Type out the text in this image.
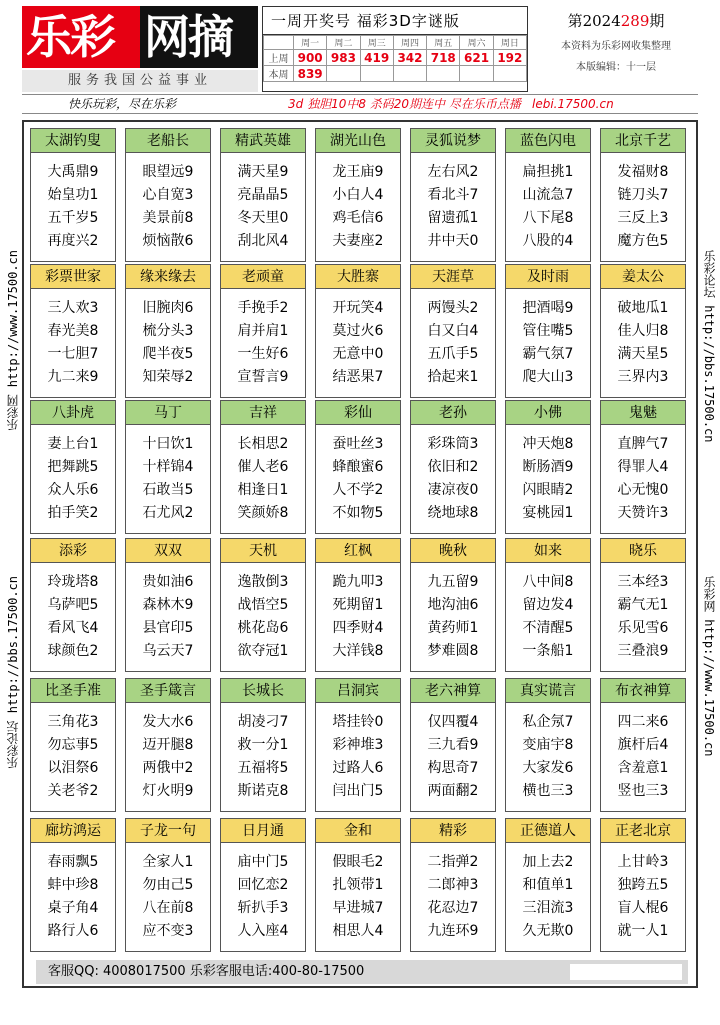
乐彩 网摘
服务我国公益事业
一周开奖号 福彩3D字谜版
	周一	周二	周三	周四	周五	周六	周日
上周	900	983	419	342	718	621	192
本周	839						
第2024289期
本资料为乐彩网收集整理
本版编辑：十一层
快乐玩彩，尽在乐彩	3d 独胆10中8 杀码20期连中 尽在乐币点播 lebi.17500.cn
乐彩网 http://www.17500.cn
乐彩论坛 http://bbs.17500.cn
乐彩论坛 http://bbs.17500.cn
乐彩网 http://www.17500.cn
太湖钓叟
大禹鼎9
始皇功1
五千岁5
再度兴2
老船长
眼望远9
心自宽3
美景前8
烦恼散6
精武英雄
满天星9
亮晶晶5
冬天里0
刮北风4
湖光山色
龙王庙9
小白人4
鸡毛信6
夫妻座2
灵狐说梦
左右风2
看北斗7
留遗孤1
井中天0
蓝色闪电
扁担挑1
山流急7
八下尾8
八股的4
北京千艺
发福财8
链刀头7
三反上3
魔方色5
彩票世家
三人欢3
春光美8
一七胆7
九二来9
缘来缘去
旧腕肉6
梳分头3
爬半夜5
知荣辱2
老顽童
手挽手2
肩并肩1
一生好6
宣誓言9
大胜寨
开玩笑4
莫过火6
无意中0
结恶果7
天涯草
两馒头2
白又白4
五爪手5
拾起来1
及时雨
把酒喝9
管住嘴5
霸气氛7
爬大山3
姜太公
破地瓜1
佳人归8
满天星5
三界内3
八卦虎
妻上台1
把舞跳5
众人乐6
拍手笑2
马丁
十曰饮1
十样锦4
石敢当5
石尤风2
吉祥
长相思2
催人老6
相逢日1
笑颜娇8
彩仙
蚕吐丝3
蜂酿蜜6
人不学2
不如物5
老孙
彩珠筒3
依旧和2
凄凉夜0
绕地球8
小佛
冲天炮8
断肠酒9
闪眼睛2
宴桃园1
鬼魅
直脾气7
得罪人4
心无愧0
天赞许3
添彩
玲珑塔8
乌萨吧5
看风飞4
球颜色2
双双
贵如油6
森林木9
县官印5
乌云天7
天机
逸散倒3
战悟空5
桃花岛6
欲夺冠1
红枫
跪九叩3
死期留1
四季财4
大洋钱8
晚秋
九五留9
地沟油6
黄药师1
梦难圆8
如来
八中间8
留边发4
不清醒5
一条船1
晓乐
三本经3
霸气无1
乐见雪6
三叠浪9
比圣手准
三角花3
勿忘事5
以泪祭6
关老爷2
圣手箴言
发大水6
迈开腿8
两俄中2
灯火明9
长城长
胡凌刁7
救一分1
五福将5
斯诺克8
吕洞宾
塔挂铃0
彩神堆3
过路人6
闫出门5
老六神算
仅四覆4
三九看9
构思奇7
两面翻2
真实谎言
私企氖7
变庙宇8
大家发6
横也三3
布衣神算
四二来6
旗杆后4
含羞意1
竖也三3
廊坊鸿运
春雨飘5
蚌中珍8
桌子角4
路行人6
子龙一句
全家人1
勿由己5
八在前8
应不变3
日月通
庙中门5
回忆恋2
斩扒手3
人入座4
金和
假眼毛2
扎领带1
早进城7
相思人4
精彩
二指弹2
二郎神3
花忍边7
九连环9
正德道人
加上去2
和值单1
三泪流3
久无欺0
正老北京
上甘岭3
独跨五5
盲人棍6
就一人1
客服QQ: 4008017500 乐彩客服电话:400-80-17500
